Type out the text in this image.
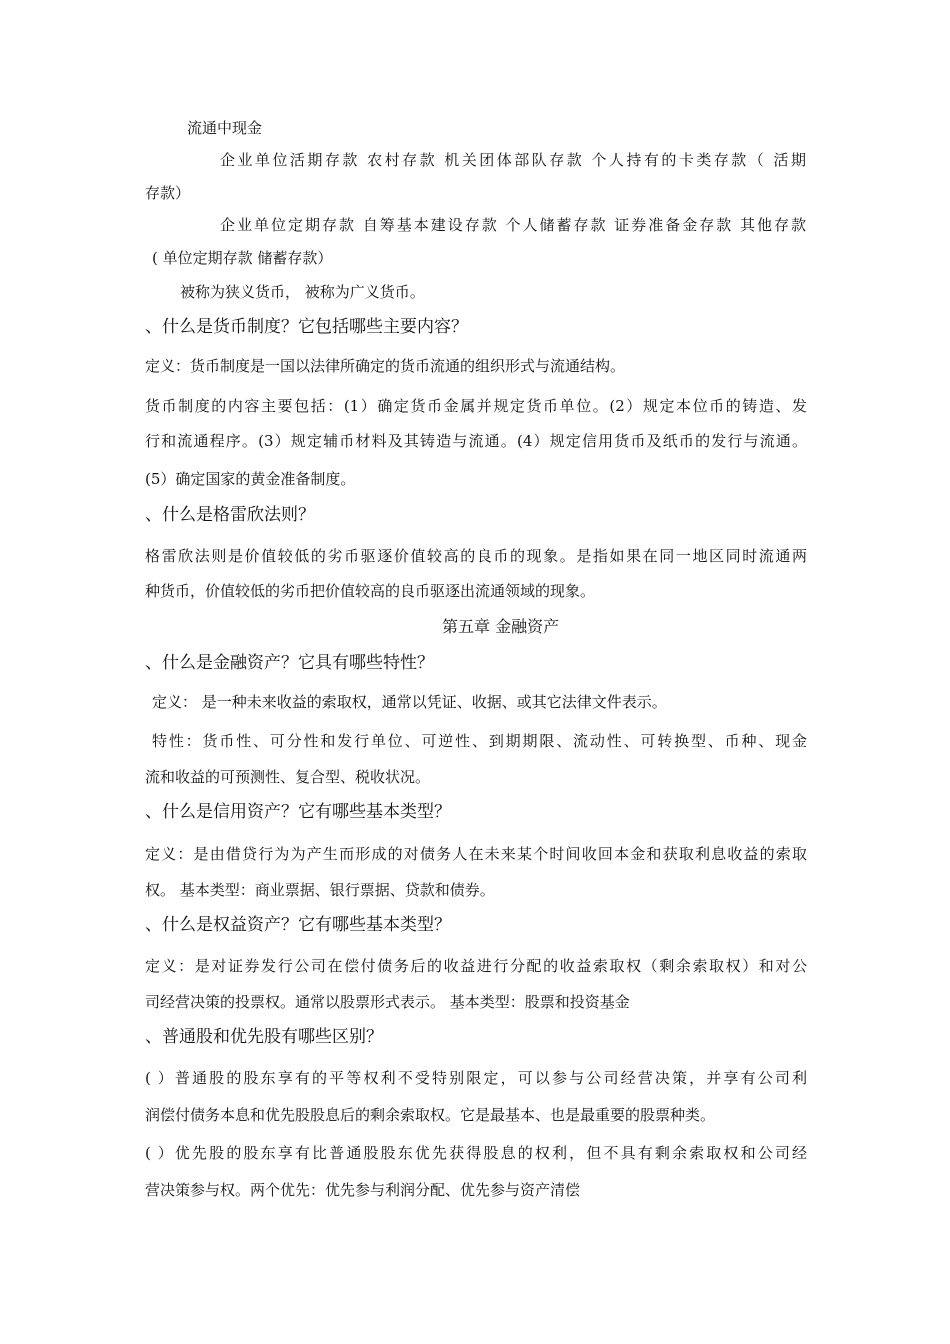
流通中现金
企业单位活期存款 农村存款 机关团体部队存款 个人持有的卡类存款（ 活期
存款）
企业单位定期存款 自筹基本建设存款 个人储蓄存款 证券准备金存款 其他存款
( 单位定期存款 储蓄存款）
被称为狭义货币， 被称为广义货币。
、什么是货币制度？它包括哪些主要内容？
定义：货币制度是一国以法律所确定的货币流通的组织形式与流通结构。
货币制度的内容主要包括：(1）确定货币金属并规定货币单位。(2）规定本位币的铸造、发
行和流通程序。(3）规定辅币材料及其铸造与流通。(4）规定信用货币及纸币的发行与流通。
(5）确定国家的黄金准备制度。
、什么是格雷欣法则？
格雷欣法则是价值较低的劣币驱逐价值较高的良币的现象。是指如果在同一地区同时流通两
种货币，价值较低的劣币把价值较高的良币驱逐出流通领域的现象。
第五章 金融资产
、什么是金融资产？它具有哪些特性？
定义： 是一种未来收益的索取权，通常以凭证、收据、或其它法律文件表示。
特性：货币性、可分性和发行单位、可逆性、到期期限、流动性、可转换型、币种、现金
流和收益的可预测性、复合型、税收状况。
、什么是信用资产？它有哪些基本类型？
定义：是由借贷行为为产生而形成的对债务人在未来某个时间收回本金和获取利息收益的索取
权。 基本类型：商业票据、银行票据、贷款和债券。
、什么是权益资产？它有哪些基本类型？
定义：是对证券发行公司在偿付债务后的收益进行分配的收益索取权（剩余索取权）和对公
司经营决策的投票权。通常以股票形式表示。 基本类型：股票和投资基金
、普通股和优先股有哪些区别？
( ）普通股的股东享有的平等权利不受特别限定，可以参与公司经营决策，并享有公司利
润偿付债务本息和优先股股息后的剩余索取权。它是最基本、也是最重要的股票种类。
( ）优先股的股东享有比普通股股东优先获得股息的权利，但不具有剩余索取权和公司经
营决策参与权。两个优先：优先参与利润分配、优先参与资产清偿
